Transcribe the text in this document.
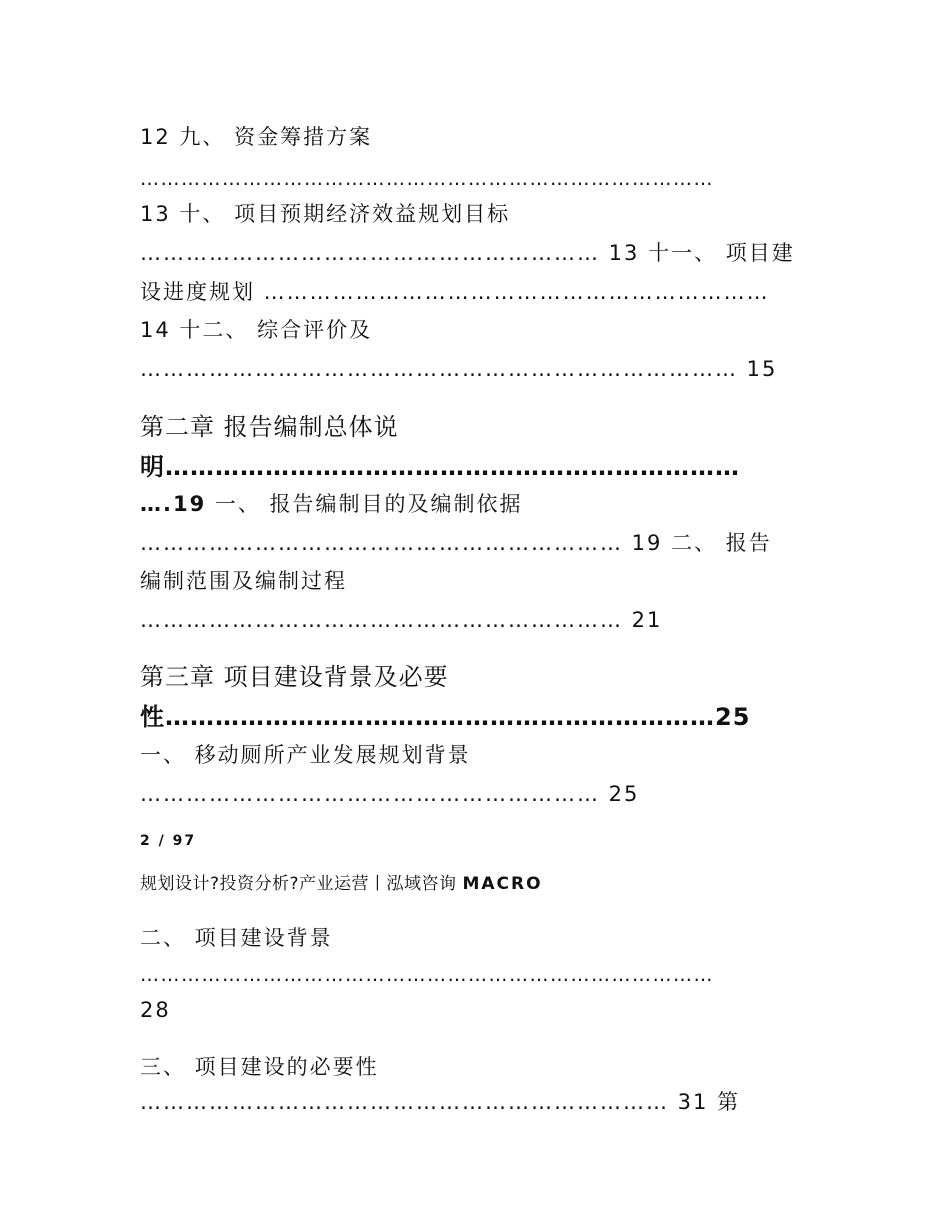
12 九、 资金筹措方案
…………………………………………………………………………
13 十、 项目预期经济效益规划目标
…………………………………………………… 13 十一、 项目建
设进度规划 …………………………………………………………
14 十二、 综合评价及
…………………………………………………………………… 15
第二章 报告编制总体说
明……………………………………………………………
….19 一、 报告编制目的及编制依据
……………………………………………………… 19 二、 报告
编制范围及编制过程
……………………………………………………… 21
第三章 项目建设背景及必要
性…………………………………………………………25
一、 移动厕所产业发展规划背景
…………………………………………………… 25
2 / 97
规划设计?投资分析?产业运营丨泓域咨询 MACRO
二、 项目建设背景
…………………………………………………………………………
28
三、 项目建设的必要性
…………………………………………………………… 31 第
